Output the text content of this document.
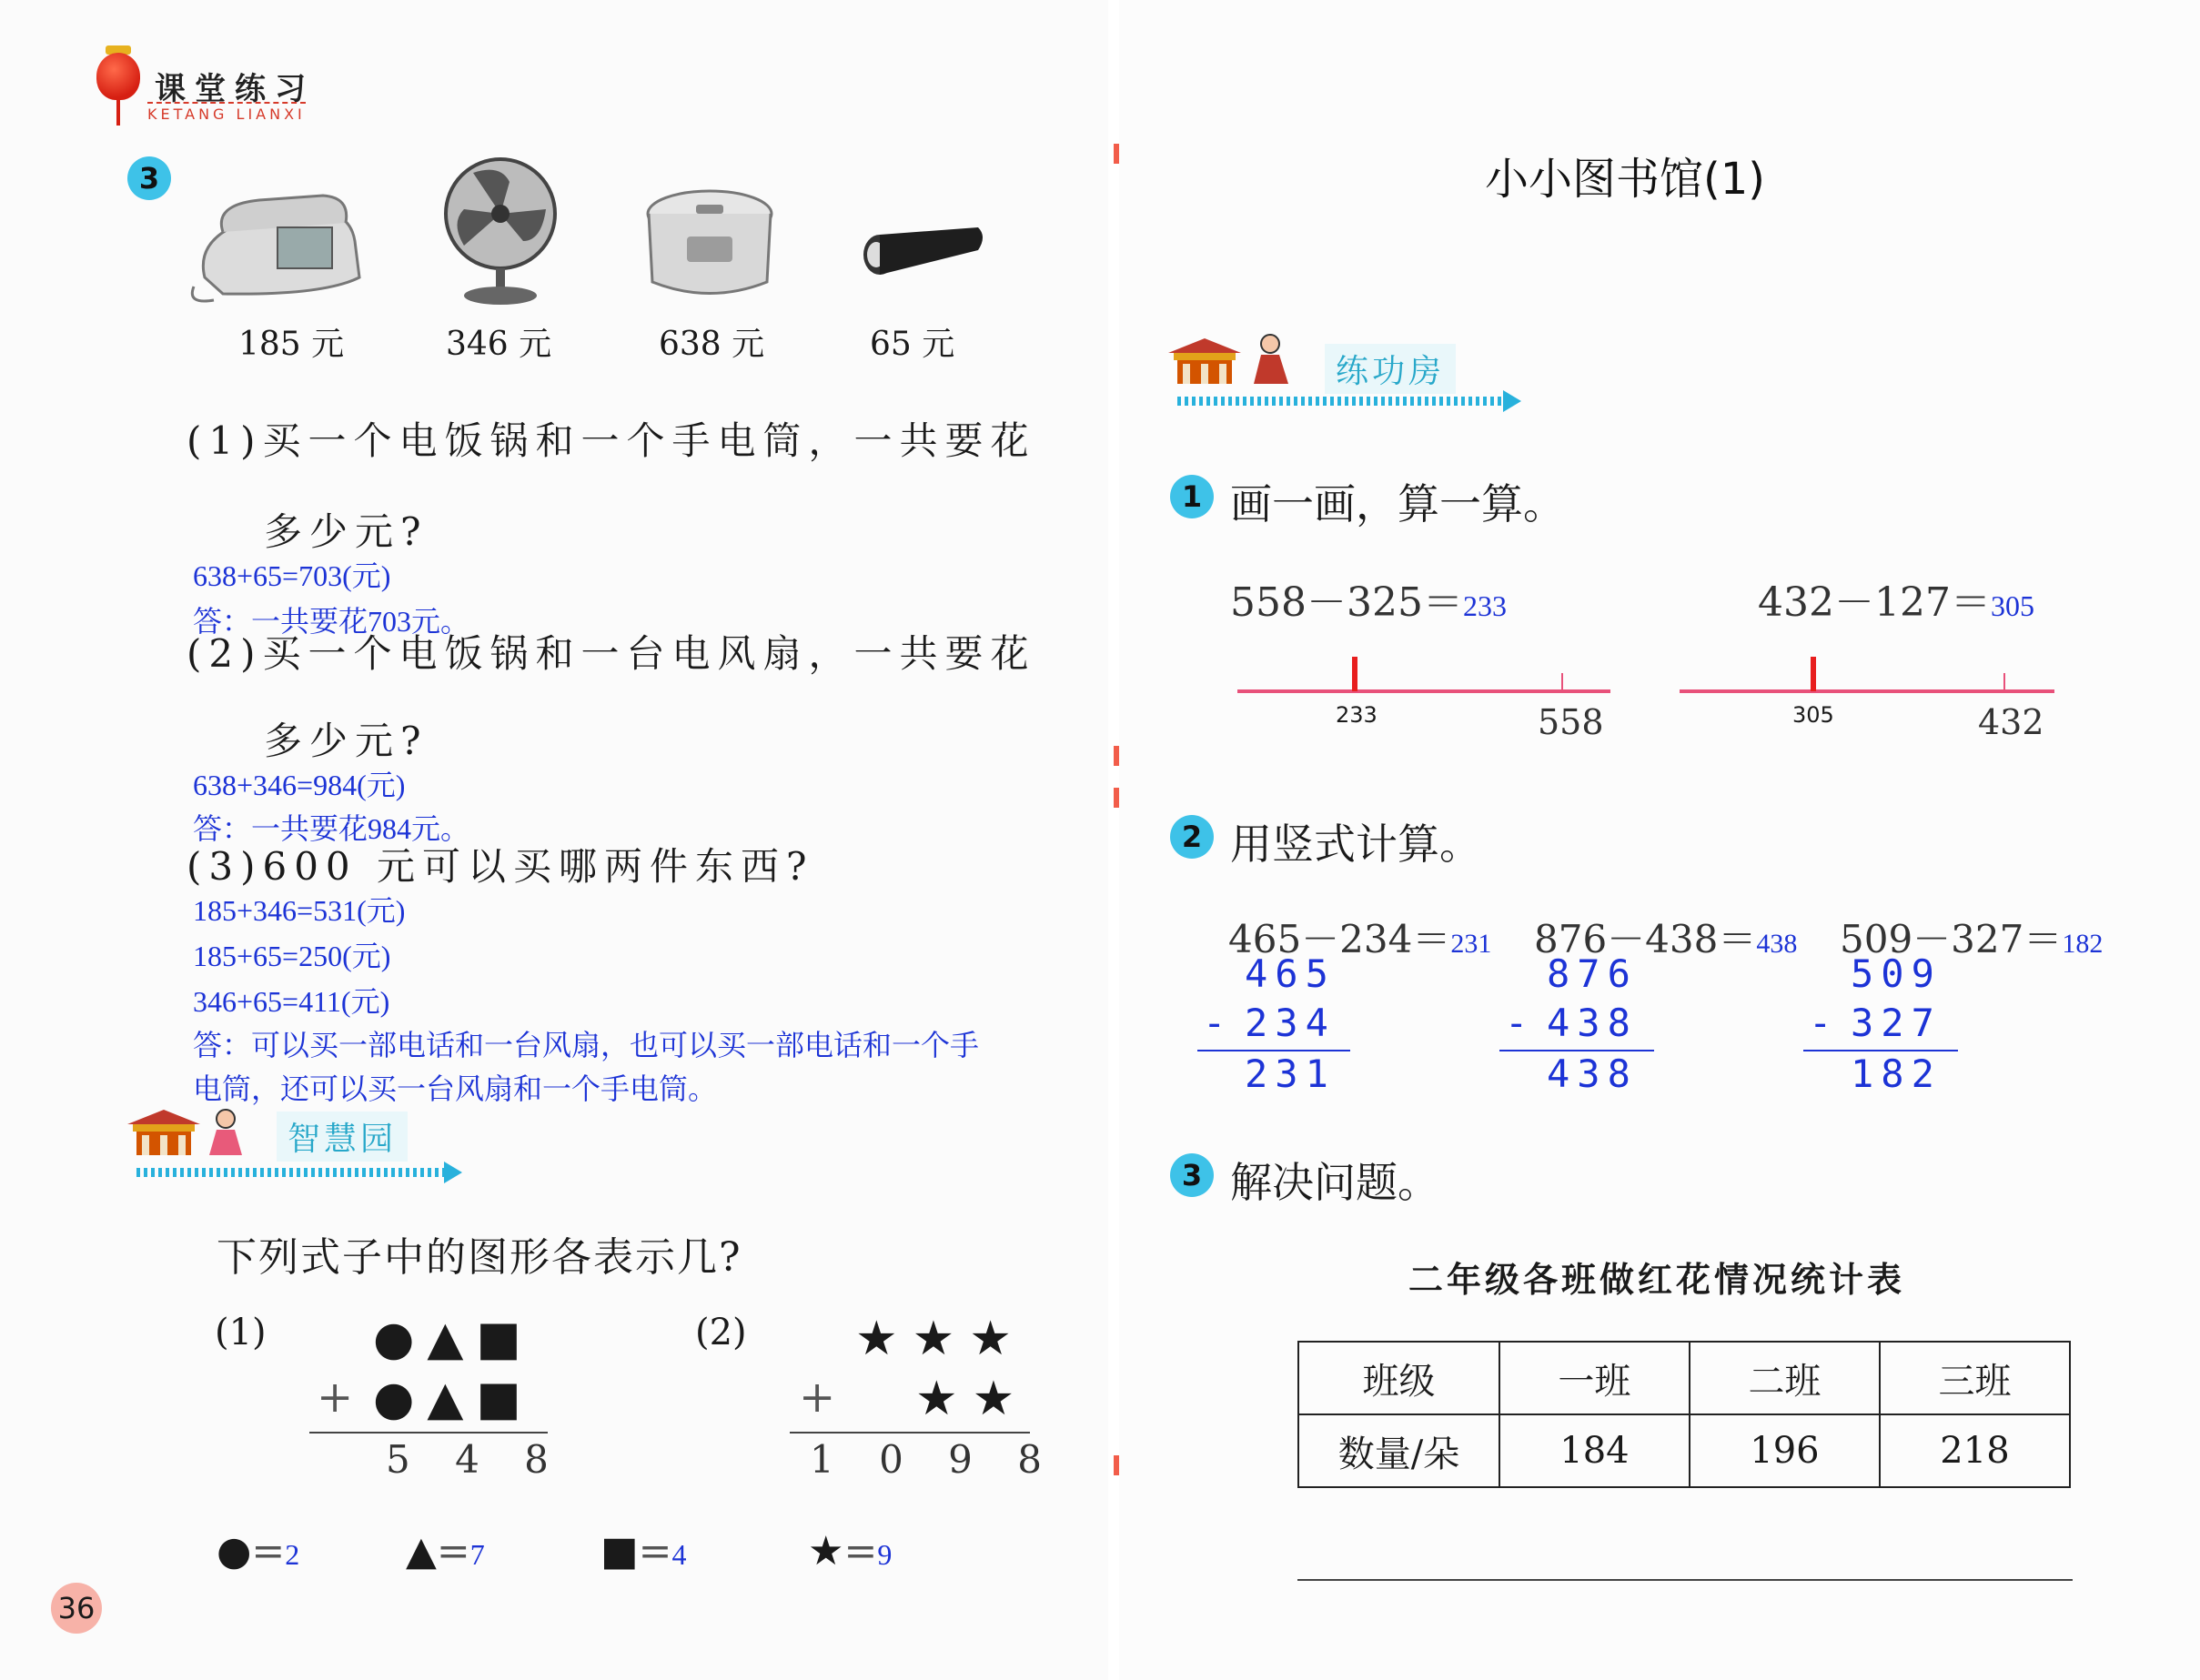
课堂练习
KETANG LIANXI
3
185 元	346 元	638 元	65 元
(1)买一个电饭锅和一个手电筒，一共要花
多少元?
638+65=703(元)
答：一共要花703元。
(2)买一个电饭锅和一台电风扇，一共要花
多少元?
638+346=984(元)
答：一共要花984元。
(3)600 元可以买哪两件东西?
185+346=531(元)
185+65=250(元)
346+65=411(元)
答：可以买一部电话和一台风扇，也可以买一部电话和一个手
电筒，还可以买一台风扇和一个手电筒。
智慧园
下列式子中的图形各表示几?
(1) ●▲■
+ ●▲■
5 4 8
(2) ★★★
+ ★★
1 0 9 8
●=2	▲=7	■=4	★=9
36
小小图书馆(1)
练功房
1 画一画，算一算。
558－325＝233	432－127＝305
233	558	305	432
2 用竖式计算。
465－234＝231 876－438＝438 509－327＝182
465
- 234
231
876
- 438
438
509
- 327
182
3 解决问题。
二年级各班做红花情况统计表
班级	一班	二班	三班
数量/朵	184	196	218
